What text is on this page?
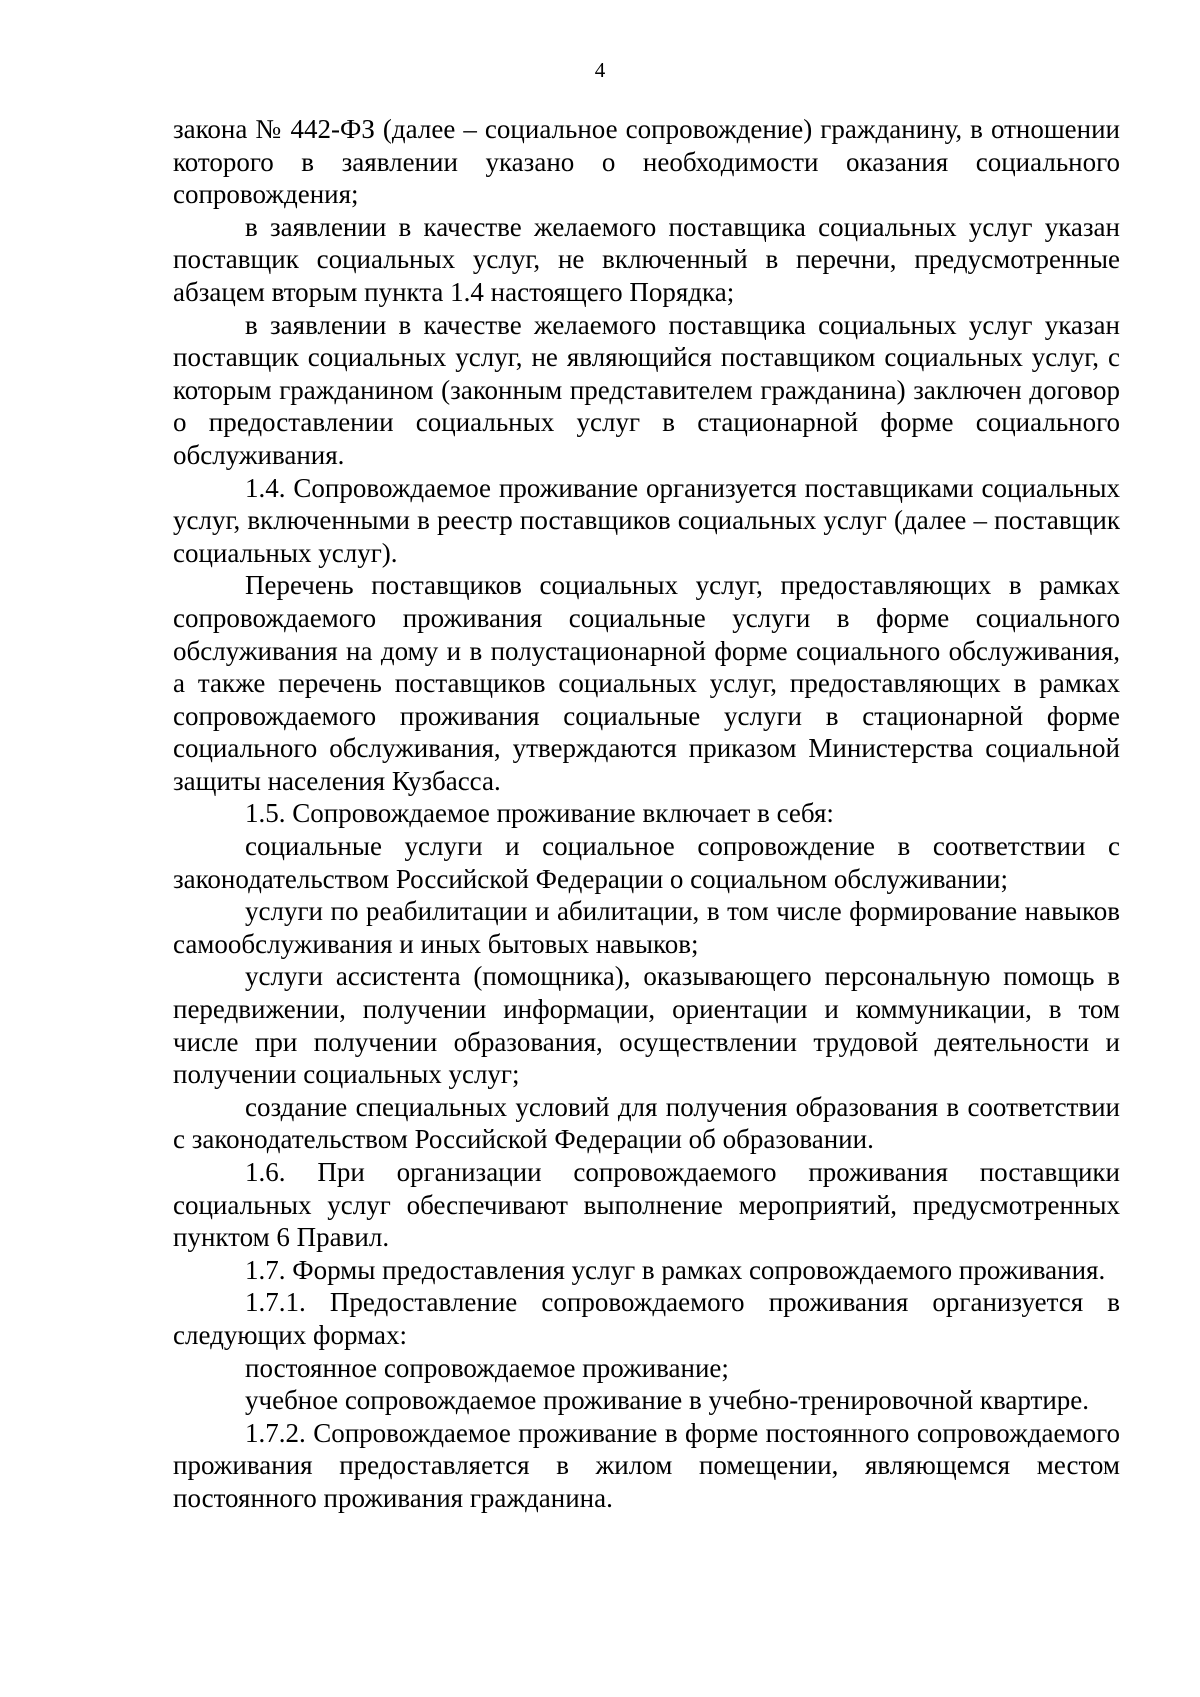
4

закона № 442-ФЗ (далее – социальное сопровождение) гражданину, в отношении которого в заявлении указано о необходимости оказания социального сопровождения;

в заявлении в качестве желаемого поставщика социальных услуг указан поставщик социальных услуг, не включенный в перечни, предусмотренные абзацем вторым пункта 1.4 настоящего Порядка;

в заявлении в качестве желаемого поставщика социальных услуг указан поставщик социальных услуг, не являющийся поставщиком социальных услуг, с которым гражданином (законным представителем гражданина) заключен договор о предоставлении социальных услуг в стационарной форме социального обслуживания.

1.4. Сопровождаемое проживание организуется поставщиками социальных услуг, включенными в реестр поставщиков социальных услуг (далее – поставщик социальных услуг).

Перечень поставщиков социальных услуг, предоставляющих в рамках сопровождаемого проживания социальные услуги в форме социального обслуживания на дому и в полустационарной форме социального обслуживания, а также перечень поставщиков социальных услуг, предоставляющих в рамках сопровождаемого проживания социальные услуги в стационарной форме социального обслуживания, утверждаются приказом Министерства социальной защиты населения Кузбасса.

1.5. Сопровождаемое проживание включает в себя:

социальные услуги и социальное сопровождение в соответствии с законодательством Российской Федерации о социальном обслуживании;

услуги по реабилитации и абилитации, в том числе формирование навыков самообслуживания и иных бытовых навыков;

услуги ассистента (помощника), оказывающего персональную помощь в передвижении, получении информации, ориентации и коммуникации, в том числе при получении образования, осуществлении трудовой деятельности и получении социальных услуг;

создание специальных условий для получения образования в соответствии с законодательством Российской Федерации об образовании.

1.6. При организации сопровождаемого проживания поставщики социальных услуг обеспечивают выполнение мероприятий, предусмотренных пунктом 6 Правил.

1.7. Формы предоставления услуг в рамках сопровождаемого проживания.

1.7.1. Предоставление сопровождаемого проживания организуется в следующих формах:

постоянное сопровождаемое проживание;

учебное сопровождаемое проживание в учебно-тренировочной квартире.

1.7.2. Сопровождаемое проживание в форме постоянного сопровождаемого проживания предоставляется в жилом помещении, являющемся местом постоянного проживания гражданина.
